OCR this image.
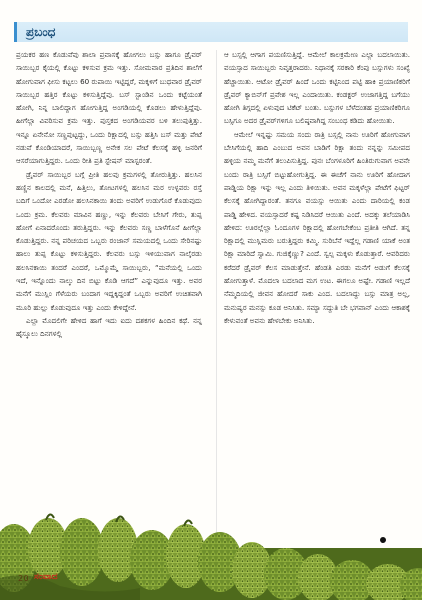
ಪ್ರಬಂಧ

ಪ್ರಯಕರ ಹಣ ಕೊಡುವೆವು ಶಾಲಾ ಪ್ರವಾಸಕ್ಕೆ ಹೋಗಲು ಬಸ್ಸು ಹಾಗೂ ಡ್ರೈವರ್ ಸಾಯಿಬ್ಬರ ಕೈಯಲ್ಲಿ ಕೊಟ್ಟು ಕಳಿಸುವ ಕ್ರಮ ಇತ್ತು. ಸೋಮವಾರ ಪ್ರತಿದಿನ ಶಾಲೆಗೆ ಹೋಗುವಾಗ ಫೀಸು ಕಟ್ಟಲು 60 ರುಪಾಯಿ ಇಟ್ಟಿದ್ದರೆ, ಮಕ್ಕಳಿಗೆ ಬುಧವಾರ ಡ್ರೈವರ್ ಸಾಯಿಬ್ಬರ ಹತ್ತಿರ ಕೊಟ್ಟು ಕಳಿಸುತ್ತಿದ್ದೆವು. ಬಸ್ ಸ್ಟಾಂಡಿನ ಒಂದು ಕಟ್ಟೆಯಂತೆ ಹೋಗಿ, ನಿನ್ನ ಬಾಲಿದ್ದಾಗ ಹೋಗುತ್ತಿದ್ದ ಅಂಗಡಿಯಲ್ಲಿ ಕೊಡಲು ಹೇಳುತ್ತಿದ್ದೆವು. ಹೀಗೆಲ್ಲಾ ವಿವರಿಸುವ ಕ್ರಮ ಇತ್ತು. ಪುಸ್ತಕದ ಅಂಗಡಿಯವರ ಬಳಿ ತಲುಪುತ್ತಿತ್ತು. ಇನ್ನೂ ಏನೇನೋ ಸಣ್ಣಪುಟ್ಟದ್ದು, ಒಂದು ರಿಕ್ಷಾದಲ್ಲಿ ಬಸ್ಸು ಹತ್ತಿಸಿ ಬಸ್ ಮತ್ತು ಪೇಟೆ ನಡುವೆ ಕೊಂಡಿಯಾದರೆ, ಸಾಯಿಬ್ಬಣ್ಣ ಅನೇಕ ಸಲ ಪೇಟೆ ಕೆಲಸಕ್ಕೆ ಹಳ್ಳಿ ಜನರಿಗೆ ಆಸರೆಯಾಗುತ್ತಿದ್ದರು. ಒಂದು ರೀತಿ ಪ್ರತಿ ಸ್ಟೇಷನ್ ಮಾಸ್ಟರಂತೆ.

ಡ್ರೈವರ್ ಸಾಯಿಬ್ಬರ ಬಗ್ಗೆ ಪ್ರೀತಿ ಹಲವು ಕ್ರಮಗಳಲ್ಲಿ ತೋರುತ್ತಿತ್ತು. ಹಲಸಿನ ಹಣ್ಣಿನ ಕಾಲದಲ್ಲಿ ಮನೆ, ಹಿತ್ತಿಲು, ತೋಟಗಳಲ್ಲಿ ಹಲಸಿನ ಮರ ಉಳ್ಳವರು ರಸ್ತೆ ಬದಿಗೆ ಒಂದೋ ಎರಡೋ ಹಲಸಿನಕಾಯಿ ತಂದು ಅವರಿಗೆ ಉಡುಗೊರೆ ಕೊಡುವುದು ಒಂದು ಕ್ರಮ. ಕೆಲವರು ಮಾವಿನ ಹಣ್ಣು, ಇನ್ನು ಕೆಲವರು ಬೇಸಿಗೆ ಗೇರು, ತುಪ್ಪ ಹೋಗೆ ಏನಾದರೊಂದು ತರುತ್ತಿದ್ದರು. ಇನ್ನು ಕೆಲವರು ಸಣ್ಣ ಬಾಳೆಗೊನೆ ಹೀಗೆಲ್ಲಾ ಕೊಡುತ್ತಿದ್ದರು. ನನ್ನ ಪರಿಚಯದ ಒಬ್ಬರು ರಂಜಾನ್ ಸಮಯದಲ್ಲಿ ಒಂದು ಸೇರಿನಷ್ಟು ಹಾಲು ತುಪ್ಪ ಕೊಟ್ಟು ಕಳಿಸುತ್ತಿದ್ದರು. ಕೆಲವರು ಬಸ್ಸು ಇಳಿಯುವಾಗ ನಾಲ್ಕೆರಡು ಹಲಸಿನಕಾಯಿ ತಂದರೆ ಎಂದರೆ, ಒಮ್ಮೊಮ್ಮೆ ಸಾಯಿಬ್ಬರು, “ಮನೆಯಲ್ಲಿ ಒಂದು ಇದೆ, ಇನ್ನೊಂದು ನಾಲ್ಕು ದಿನ ಬಿಟ್ಟು ಕೊಡಿ ಆಗದೆ” ಎನ್ನುವುದೂ ಇತ್ತು. ಅವರ ಮನೆಗೆ ಮುಸ್ಲಿಂ ಗೆಳೆಯರು ಬಂದಾಗ ಇದ್ದಕ್ಕಿದ್ದಂತೆ ಒಬ್ಬರು ಅವರಿಗೆ ಉಚಿತವಾಗಿ ಮೂರಿ ಹುಲ್ಲು ಕೊಡುವುದೂ ಇತ್ತು ಎಂದು ಕೇಳಿದ್ದೇನೆ.

ಎಲ್ಲಾ ಮೊದಲಿಗೇ ಹೇಳಿದ ಹಾಗೆ ಇದು ಐದು ದಶಕಗಳ ಹಿಂದಿನ ಕಥೆ. ನನ್ನ ಹೈಸ್ಕೂಲು ದಿನಗಳಲ್ಲಿ

ಆ ಬಸ್ಸಲ್ಲಿ ಆಗಾಗ ಪಯಣಿಸುತ್ತಿದ್ದೆ. ಆಮೇಲೆ ಕಾಲಕ್ರಮೇಣ ಎಲ್ಲಾ ಬದಲಾಯಿತು. ವಯಸ್ಸಾದ ಸಾಯಿಬ್ಬರು ನಿವೃತ್ತರಾದರು. ನಿಧಾನಕ್ಕೆ ಸರಕಾರಿ ಕೆಂಪು ಬಸ್ಸುಗಳು ಸಂಖ್ಯೆ ಹೆಚ್ಚಾಯಿತು. ಆಟೋ ಡ್ರೈವರ್ ಹಿಂದೆ ಒಂದು ಕಟ್ಟಿನಿಂದ ಪಟ್ಟಿ ಹಾಕಿ ಪ್ರಯಾಣಿಕರಿಗೆ ಡ್ರೈವರ್ ಕ್ಯಾಬಿನ್‌ಗೆ ಪ್ರವೇಶ ಇಲ್ಲ ಎಂದಾಯಿತು. ಕಂಡಕ್ಟರ್ ಉಜಾಗತ್ತಿದ್ದ ಬಗೆಯು ಹೋಗಿ ತಿಗ್ಗದಲ್ಲಿ ಏಳುವುದ ಟಿಕೆಟ್ ಬಂತು. ಬಸ್ಸುಗಳ ಬೆಳೆದಂತಹ ಪ್ರಯಾಣಿಕರಿಗೂ ಬಸ್ಸಿಗೂ ಅದರ ಡ್ರೈವರ್‌ಗಳಿಗೂ ಬಲಿಷ್ಠವಾಗಿದ್ದ ಸಂಬಂಧ ಕಡಿದು ಹೋಯಿತು.

ಆಮೇಲೆ ಇನ್ನಷ್ಟು ಸಮಯ ಸಂದು ರಾತ್ರಿ ಬಸ್ಸಲ್ಲಿ ನಾನು ಊರಿಗೆ ಹೋಗುವಾಗ ಬೇಸಿಗೆಯಲ್ಲಿ ಹಾದಿ ಎಂಬುದ ಅವನ ಬಾಡಿಗೆ ರಿಕ್ಷಾ ತಂದು ನನ್ನನ್ನು ಸಮೀಪದ ಹಳ್ಳಿಯ ನಮ್ಮ ಮನೆಗೆ ತಲುಪಿಸುತ್ತಿದ್ದ. ಪುನಃ ಬೆಂಗಳೂರಿಗೆ ಹಿಂತಿರುಗುವಾಗ ಅವನೇ ಬಂದು ರಾತ್ರಿ ಬಸ್ಸಿಗೆ ಬಿಟ್ಟುಹೋಗುತ್ತಿದ್ದ. ಈ ಈಚೆಗೆ ನಾನು ಊರಿಗೆ ಹೋದಾಗ ಪಾಡ್ಡಿಯ ರಿಕ್ಷಾ ಇನ್ನು ಇಲ್ಲ ಎಂದು ತಿಳಿಯಿತು. ಅವನ ಮಕ್ಕಳೆಲ್ಲಾ ಪೇಟೆಗೆ ಫಿಟ್ಟರ್ ಕೆಲಸಕ್ಕೆ ಹೋಗಿದ್ದಾರಂತೆ. ತನಗೂ ವಯಸ್ಸು ಆಯಿತು ಎಂದು ದಾರಿಯಲ್ಲಿ ಕಂಡ ಪಾಡ್ಡಿ ಹೇಳಿದ. ವಯಸ್ಸಾದರೆ ಕಷ್ಟ ನಿಡಿಸಿದರೆ ಆಯಿತು ಎಂದೆ. ಅದಕ್ಕು ತಲೆಯಾಡಿಸಿ ಹೇಳಿದ: ಊರಲ್ಲೆಲ್ಲಾ ಓಂದೂಗಳ ರಿಕ್ಷಾದಲ್ಲಿ ಹೋಗಬೇಕೆಂಬ ಪ್ರತೀತಿ ಆಗಿದೆ. ತನ್ನ ರಿಕ್ಷಾದಲ್ಲಿ ಮುಸ್ಲಿಮರು ಬರುತ್ತಿದ್ದರು ಕಮ್ಮಿ. ಸುರಿಬೆನೆ ಇದ್ದೆಲ್ಲ ಗಡಾಣಿ ಯಾಕೆ ಅಂತ ರಿಕ್ಷಾ ಮಾರಿದೆ ಸ್ವಾಮಿ. ಗುಜಿಕ್ಕೆಣ್ಣು? ಎಂದೆ. ಸ್ವಲ್ಪ ಮಕ್ಕಳು ಕೊಡುತ್ತಾರೆ. ಆವರಿದರು ಕರೆದರೆ ಡ್ರೈವರ್ ಕೆಲಸ ಮಾಡುತ್ತೇನೆ. ಹೆಂಡತಿ ಎರಡು ಮನೆಗೆ ಅಡುಗೆ ಕೆಲಸಕ್ಕೆ ಹೋಗುತ್ತಾಳೆ. ಮೊದಲಾ ಬದಲಾದ ಮಗ ಉಟ. ಈಗಲೂ ಅಷ್ಟೇ. ಗಡಾಣಿ ಇಲ್ಲದೆ ನೆಮ್ಮದಿಯಲ್ಲಿ ಜೀವನ ಹೋದರೆ ಸಾಕು ಎಂದ. ಬದಲಾದ್ದು ಬಸ್ಸು ಮಾತ್ರ ಅಲ್ಲ, ಮನುಷ್ಯರ ಮನಸ್ಸು ಕೂಡ ಅನಿಸಿತು. ಸಮ್ಯಾ ಸದ್ದುತಿ ಬೇ ಭಗವಾನ್ ಎಂದು ಆಕಾಶಕ್ಕೆ ಕೇಳುವಂತೆ ಅವನು ಹೇಳಬೇಕು ಅನಿಸಿತು.

20 ಸಂವಾದ
